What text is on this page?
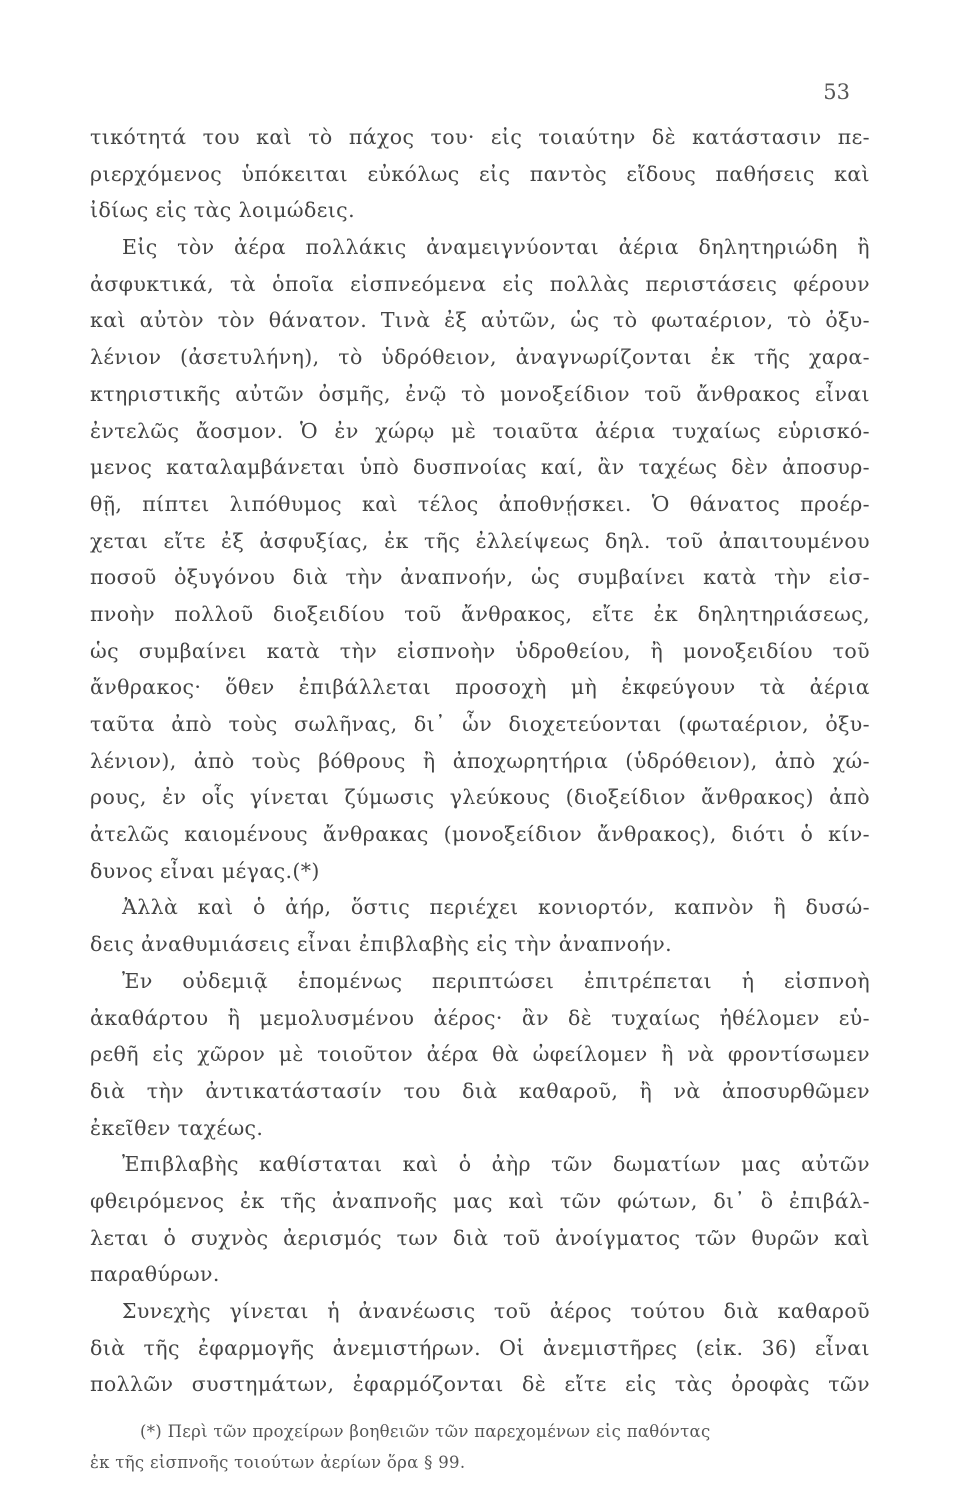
53
τικότητά του καὶ τὸ πάχος του· εἰς τοιαύτην δὲ κατάστασιν πε-
ριερχόμενος ὑπόκειται εὐκόλως εἰς παντὸς εἴδους παθήσεις καὶ
ἰδίως εἰς τὰς λοιμώδεις.
Εἰς τὸν ἀέρα πολλάκις ἀναμειγνύονται ἀέρια δηλητηριώδη ἢ
ἀσφυκτικά, τὰ ὁποῖα εἰσπνεόμενα εἰς πολλὰς περιστάσεις φέρουν
καὶ αὐτὸν τὸν θάνατον. Τινὰ ἐξ αὐτῶν, ὡς τὸ φωταέριον, τὸ ὀξυ-
λένιον (ἀσετυλήνη), τὸ ὑδρόθειον, ἀναγνωρίζονται ἐκ τῆς χαρα-
κτηριστικῆς αὐτῶν ὀσμῆς, ἐνῷ τὸ μονοξείδιον τοῦ ἄνθρακος εἶναι
ἐντελῶς ἄοσμον. Ὁ ἐν χώρῳ μὲ τοιαῦτα ἀέρια τυχαίως εὑρισκό-
μενος καταλαμβάνεται ὑπὸ δυσπνοίας καί, ἂν ταχέως δὲν ἀποσυρ-
θῇ, πίπτει λιπόθυμος καὶ τέλος ἀποθνῄσκει. Ὁ θάνατος προέρ-
χεται εἴτε ἐξ ἀσφυξίας, ἐκ τῆς ἐλλείψεως δηλ. τοῦ ἀπαιτουμένου
ποσοῦ ὀξυγόνου διὰ τὴν ἀναπνοήν, ὡς συμβαίνει κατὰ τὴν εἰσ-
πνοὴν πολλοῦ διοξειδίου τοῦ ἄνθρακος, εἴτε ἐκ δηλητηριάσεως,
ὡς συμβαίνει κατὰ τὴν εἰσπνοὴν ὑδροθείου, ἢ μονοξειδίου τοῦ
ἄνθρακος· ὅθεν ἐπιβάλλεται προσοχὴ μὴ ἐκφεύγουν τὰ ἀέρια
ταῦτα ἀπὸ τοὺς σωλῆνας, δι᾽ ὧν διοχετεύονται (φωταέριον, ὀξυ-
λένιον), ἀπὸ τοὺς βόθρους ἢ ἀποχωρητήρια (ὑδρόθειον), ἀπὸ χώ-
ρους, ἐν οἷς γίνεται ζύμωσις γλεύκους (διοξείδιον ἄνθρακος) ἀπὸ
ἀτελῶς καιομένους ἄνθρακας (μονοξείδιον ἄνθρακος), διότι ὁ κίν-
δυνος εἶναι μέγας.(*)
Ἀλλὰ καὶ ὁ ἀήρ, ὅστις περιέχει κονιορτόν, καπνὸν ἢ δυσώ-
δεις ἀναθυμιάσεις εἶναι ἐπιβλαβὴς εἰς τὴν ἀναπνοήν.
Ἐν οὐδεμιᾷ ἑπομένως περιπτώσει ἐπιτρέπεται ἡ εἰσπνοὴ
ἀκαθάρτου ἢ μεμολυσμένου ἀέρος· ἂν δὲ τυχαίως ἠθέλομεν εὑ-
ρεθῆ εἰς χῶρον μὲ τοιοῦτον ἀέρα θὰ ὠφείλομεν ἢ νὰ φροντίσωμεν
διὰ τὴν ἀντικατάστασίν του διὰ καθαροῦ, ἢ νὰ ἀποσυρθῶμεν
ἐκεῖθεν ταχέως.
Ἐπιβλαβὴς καθίσταται καὶ ὁ ἀὴρ τῶν δωματίων μας αὐτῶν
φθειρόμενος ἐκ τῆς ἀναπνοῆς μας καὶ τῶν φώτων, δι᾽ ὃ ἐπιβάλ-
λεται ὁ συχνὸς ἀερισμός των διὰ τοῦ ἀνοίγματος τῶν θυρῶν καὶ
παραθύρων.
Συνεχὴς γίνεται ἡ ἀνανέωσις τοῦ ἀέρος τούτου διὰ καθαροῦ
διὰ τῆς ἐφαρμογῆς ἀνεμιστήρων. Οἱ ἀνεμιστῆρες (εἰκ. 36) εἶναι
πολλῶν συστημάτων, ἐφαρμόζονται δὲ εἴτε εἰς τὰς ὀροφὰς τῶν
(*) Περὶ τῶν προχείρων βοηθειῶν τῶν παρεχομένων εἰς παθόντας
ἐκ τῆς εἰσπνοῆς τοιούτων ἀερίων ὅρα § 99.
